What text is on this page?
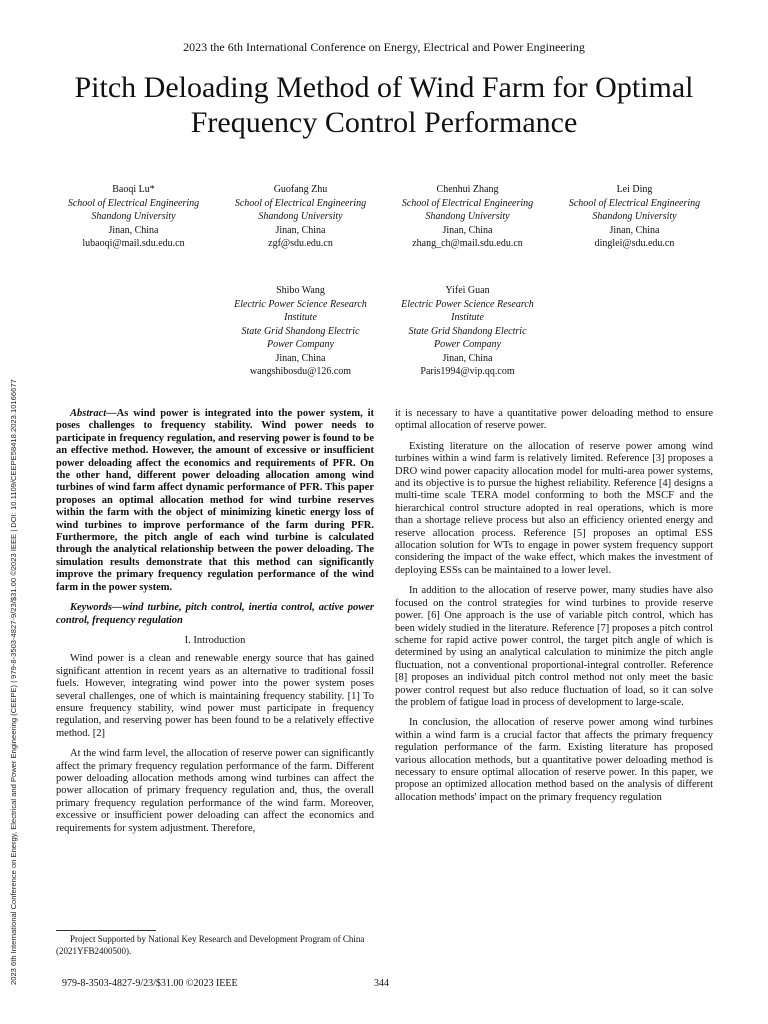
2023 6th International Conference on Energy, Electrical and Power Engineering (CEEPE) | 979-8-3503-4827-9/23/$31.00 ©2023 IEEE | DOI: 10.1109/CEEPE58418.2023.10166677
2023 the 6th International Conference on Energy, Electrical and Power Engineering
Pitch Deloading Method of Wind Farm for Optimal Frequency Control Performance
Baoqi Lu*
School of Electrical Engineering
Shandong University
Jinan, China
lubaoqi@mail.sdu.edu.cn
Guofang Zhu
School of Electrical Engineering
Shandong University
Jinan, China
zgf@sdu.edu.cn
Chenhui Zhang
School of Electrical Engineering
Shandong University
Jinan, China
zhang_ch@mail.sdu.edu.cn
Lei Ding
School of Electrical Engineering
Shandong University
Jinan, China
dinglei@sdu.edu.cn
Shibo Wang
Electric Power Science Research
Institute
State Grid Shandong Electric
Power Company
Jinan, China
wangshibosdu@126.com
Yifei Guan
Electric Power Science Research
Institute
State Grid Shandong Electric
Power Company
Jinan, China
Paris1994@vip.qq.com

Abstract—As wind power is integrated into the power system, it poses challenges to frequency stability. Wind power needs to participate in frequency regulation, and reserving power is found to be an effective method. However, the amount of excessive or insufficient power deloading affect the economics and requirements of PFR. On the other hand, different power deloading allocation among wind turbines of wind farm affect dynamic performance of PFR. This paper proposes an optimal allocation method for wind turbine reserves within the farm with the object of minimizing kinetic energy loss of wind turbines to improve performance of the farm during PFR. Furthermore, the pitch angle of each wind turbine is calculated through the analytical relationship between the power deloading. The simulation results demonstrate that this method can significantly improve the primary frequency regulation performance of the wind farm in the power system.

Keywords—wind turbine, pitch control, inertia control, active power control, frequency regulation

I. Introduction

Wind power is a clean and renewable energy source that has gained significant attention in recent years as an alternative to traditional fossil fuels. However, integrating wind power into the power system poses several challenges, one of which is maintaining frequency stability. [1] To ensure frequency stability, wind power must participate in frequency regulation, and reserving power has been found to be a relatively effective method. [2]

At the wind farm level, the allocation of reserve power can significantly affect the primary frequency regulation performance of the farm. Different power deloading allocation methods among wind turbines can affect the power allocation of primary frequency regulation and, thus, the overall primary frequency regulation performance of the wind farm. Moreover, excessive or insufficient power deloading can affect the economics and requirements for system adjustment. Therefore,

it is necessary to have a quantitative power deloading method to ensure optimal allocation of reserve power.

Existing literature on the allocation of reserve power among wind turbines within a wind farm is relatively limited. Reference [3] proposes a DRO wind power capacity allocation model for multi-area power systems, and its objective is to pursue the highest reliability. Reference [4] designs a multi-time scale TERA model conforming to both the MSCF and the hierarchical control structure adopted in real operations, which is more than a shortage relieve process but also an efficiency oriented energy and reserve allocation process. Reference [5] proposes an optimal ESS allocation solution for WTs to engage in power system frequency support considering the impact of the wake effect, which makes the investment of deploying ESSs can be maintained to a lower level.

In addition to the allocation of reserve power, many studies have also focused on the control strategies for wind turbines to provide reserve power. [6] One approach is the use of variable pitch control, which has been widely studied in the literature. Reference [7] proposes a pitch control scheme for rapid active power control, the target pitch angle of which is determined by using an analytical calculation to minimize the pitch angle fluctuation, not a conventional proportional-integral controller. Reference [8] proposes an individual pitch control method not only meet the basic power control request but also reduce fluctuation of load, so it can solve the problem of fatigue load in process of development to large-scale.

In conclusion, the allocation of reserve power among wind turbines within a wind farm is a crucial factor that affects the primary frequency regulation performance of the farm. Existing literature has proposed various allocation methods, but a quantitative power deloading method is necessary to ensure optimal allocation of reserve power. In this paper, we propose an optimized allocation method based on the analysis of different allocation methods' impact on the primary frequency regulation

Project Supported by National Key Research and Development Program of China (2021YFB2400500).
979-8-3503-4827-9/23/$31.00 ©2023 IEEE	344
